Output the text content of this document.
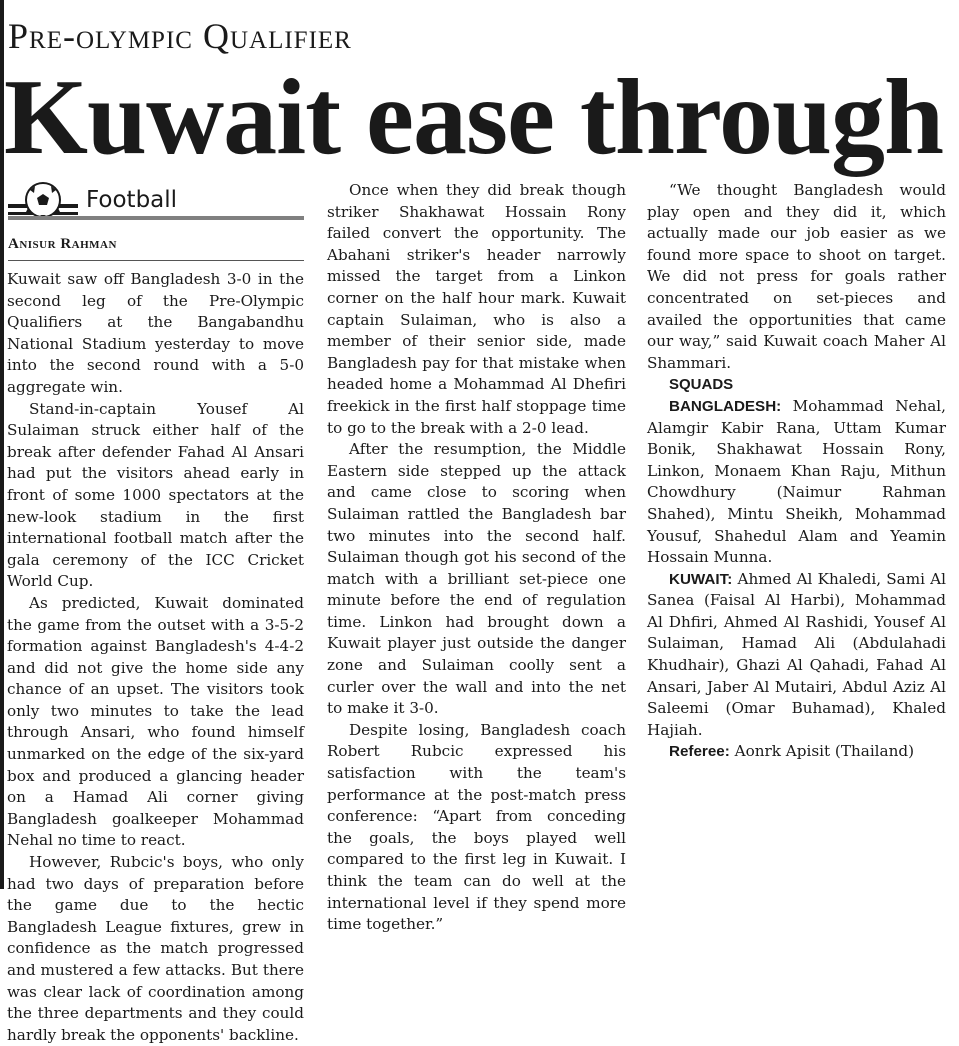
Pre-olympic Qualifier
Kuwait ease through
Football
Anisur Rahman

Kuwait saw off Bangladesh 3-0 in the second leg of the Pre-Olympic Qualifiers at the Bangabandhu National Stadium yesterday to move into the second round with a 5-0 aggregate win.

Stand-in-captain Yousef Al Sulaiman struck either half of the break after defender Fahad Al Ansari had put the visitors ahead early in front of some 1000 spectators at the new-look stadium in the first international football match after the gala ceremony of the ICC Cricket World Cup.

As predicted, Kuwait dominated the game from the outset with a 3-5-2 formation against Bangladesh's 4-4-2 and did not give the home side any chance of an upset. The visitors took only two minutes to take the lead through Ansari, who found himself unmarked on the edge of the six-yard box and produced a glancing header on a Hamad Ali corner giving Bangladesh goalkeeper Mohammad Nehal no time to react.

However, Rubcic's boys, who only had two days of preparation before the game due to the hectic Bangladesh League fixtures, grew in confidence as the match progressed and mustered a few attacks. But there was clear lack of coordination among the three departments and they could hardly break the opponents' backline.

Once when they did break though striker Shakhawat Hossain Rony failed convert the opportunity. The Abahani striker's header narrowly missed the target from a Linkon corner on the half hour mark. Kuwait captain Sulaiman, who is also a member of their senior side, made Bangladesh pay for that mistake when headed home a Mohammad Al Dhefiri freekick in the first half stoppage time to go to the break with a 2-0 lead.

After the resumption, the Middle Eastern side stepped up the attack and came close to scoring when Sulaiman rattled the Bangladesh bar two minutes into the second half. Sulaiman though got his second of the match with a brilliant set-piece one minute before the end of regulation time. Linkon had brought down a Kuwait player just outside the danger zone and Sulaiman coolly sent a curler over the wall and into the net to make it 3-0.

Despite losing, Bangladesh coach Robert Rubcic expressed his satisfaction with the team's performance at the post-match press conference: “Apart from conceding the goals, the boys played well compared to the first leg in Kuwait. I think the team can do well at the international level if they spend more time together.”

“We thought Bangladesh would play open and they did it, which actually made our job easier as we found more space to shoot on target. We did not press for goals rather concentrated on set-pieces and availed the opportunities that came our way,” said Kuwait coach Maher Al Shammari.

SQUADS

BANGLADESH: Mohammad Nehal, Alamgir Kabir Rana, Uttam Kumar Bonik, Shakhawat Hossain Rony, Linkon, Monaem Khan Raju, Mithun Chowdhury (Naimur Rahman Shahed), Mintu Sheikh, Mohammad Yousuf, Shahedul Alam and Yeamin Hossain Munna.

KUWAIT: Ahmed Al Khaledi, Sami Al Sanea (Faisal Al Harbi), Mohammad Al Dhfiri, Ahmed Al Rashidi, Yousef Al Sulaiman, Hamad Ali (Abdulahadi Khudhair), Ghazi Al Qahadi, Fahad Al Ansari, Jaber Al Mutairi, Abdul Aziz Al Saleemi (Omar Buhamad), Khaled Hajiah.

Referee: Aonrk Apisit (Thailand)
